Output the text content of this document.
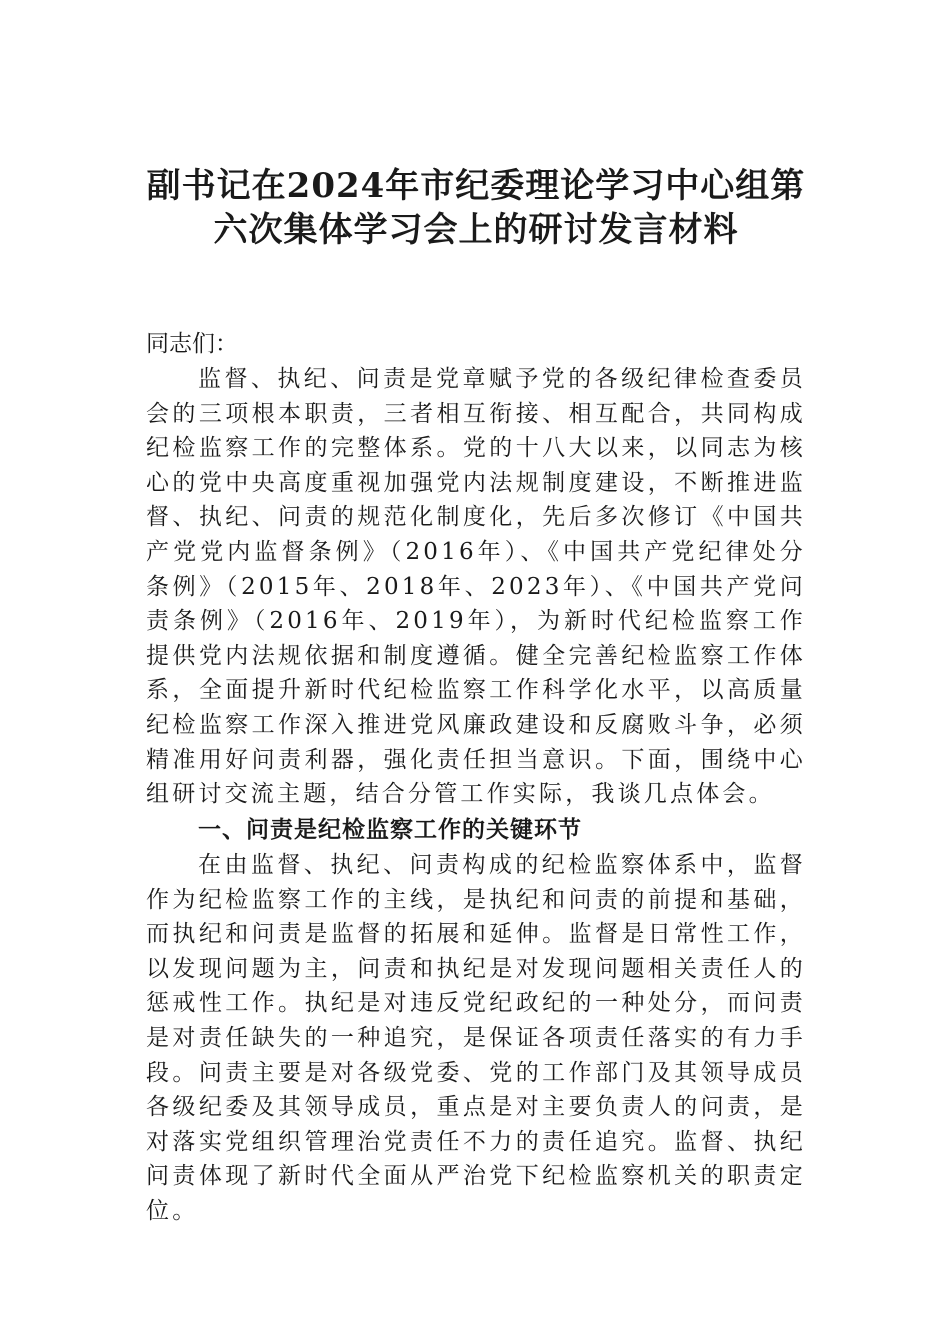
副书记在2024年市纪委理论学习中心组第
六次集体学习会上的研讨发言材料

同志们：

监督、执纪、问责是党章赋予党的各级纪律检查委员会的三项根本职责，三者相互衔接、相互配合，共同构成纪检监察工作的完整体系。党的十八大以来，以同志为核心的党中央高度重视加强党内法规制度建设，不断推进监督、执纪、问责的规范化制度化，先后多次修订《中国共产党党内监督条例》（2016年）、《中国共产党纪律处分条例》（2015年、2018年、2023年）、《中国共产党问责条例》（2016年、2019年），为新时代纪检监察工作提供党内法规依据和制度遵循。健全完善纪检监察工作体系，全面提升新时代纪检监察工作科学化水平，以高质量纪检监察工作深入推进党风廉政建设和反腐败斗争，必须精准用好问责利器，强化责任担当意识。下面，围绕中心组研讨交流主题，结合分管工作实际，我谈几点体会。

一、问责是纪检监察工作的关键环节

在由监督、执纪、问责构成的纪检监察体系中，监督作为纪检监察工作的主线，是执纪和问责的前提和基础，而执纪和问责是监督的拓展和延伸。监督是日常性工作，以发现问题为主，问责和执纪是对发现问题相关责任人的惩戒性工作。执纪是对违反党纪政纪的一种处分，而问责是对责任缺失的一种追究，是保证各项责任落实的有力手段。问责主要是对各级党委、党的工作部门及其领导成员各级纪委及其领导成员，重点是对主要负责人的问责，是对落实党组织管理治党责任不力的责任追究。监督、执纪问责体现了新时代全面从严治党下纪检监察机关的职责定位。
